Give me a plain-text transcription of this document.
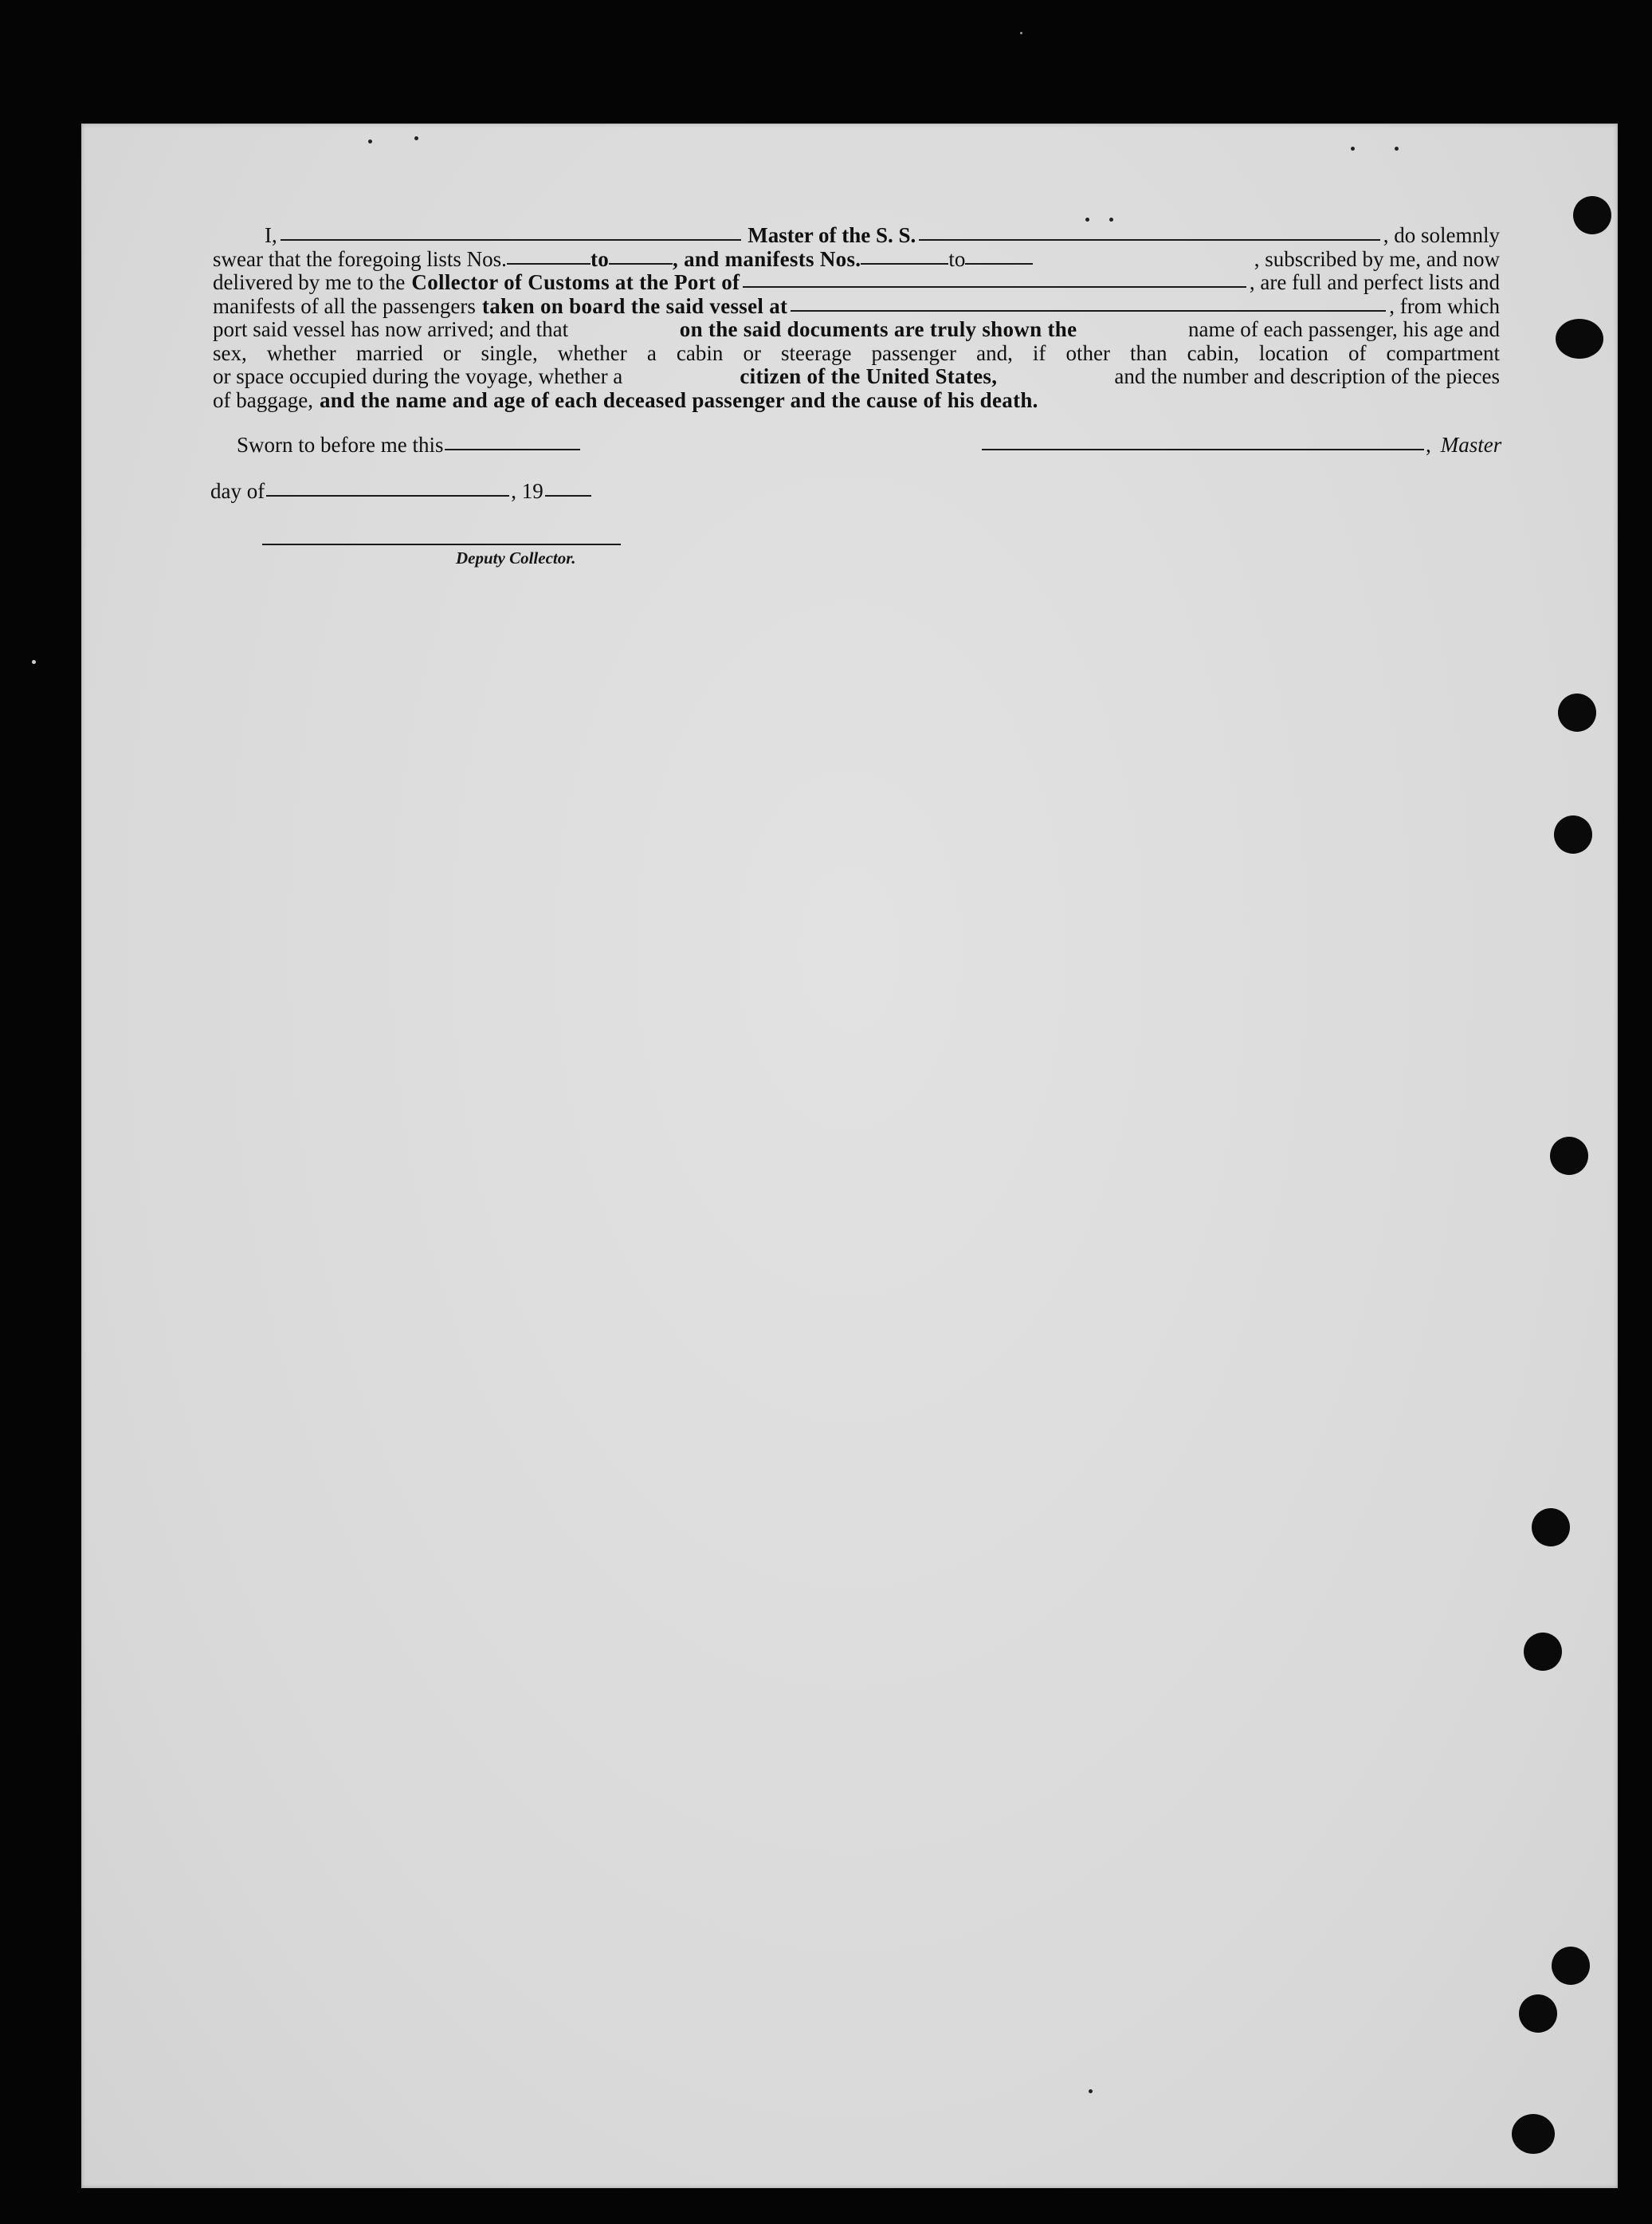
I,	Master of the S. S.	, do solemnly
swear that the foregoing lists Nos.	to	, and manifests Nos.	to	, subscribed by me, and now
delivered by me to the Collector of Customs at the Port of	, are full and perfect lists and
manifests of all the passengers taken on board the said vessel at	, from which
port said vessel has now arrived; and that	on the said documents are truly shown the	name of each passenger, his age and
sex, whether married or single, whether a cabin or steerage passenger and, if other than cabin, location of compartment
or space occupied during the voyage, whether a	citizen of the United States,	and the number and description of the pieces
of baggage, and the name and age of each deceased passenger and the cause of his death.
Sworn to before me this	, Master
day of	, 19
Deputy Collector.
